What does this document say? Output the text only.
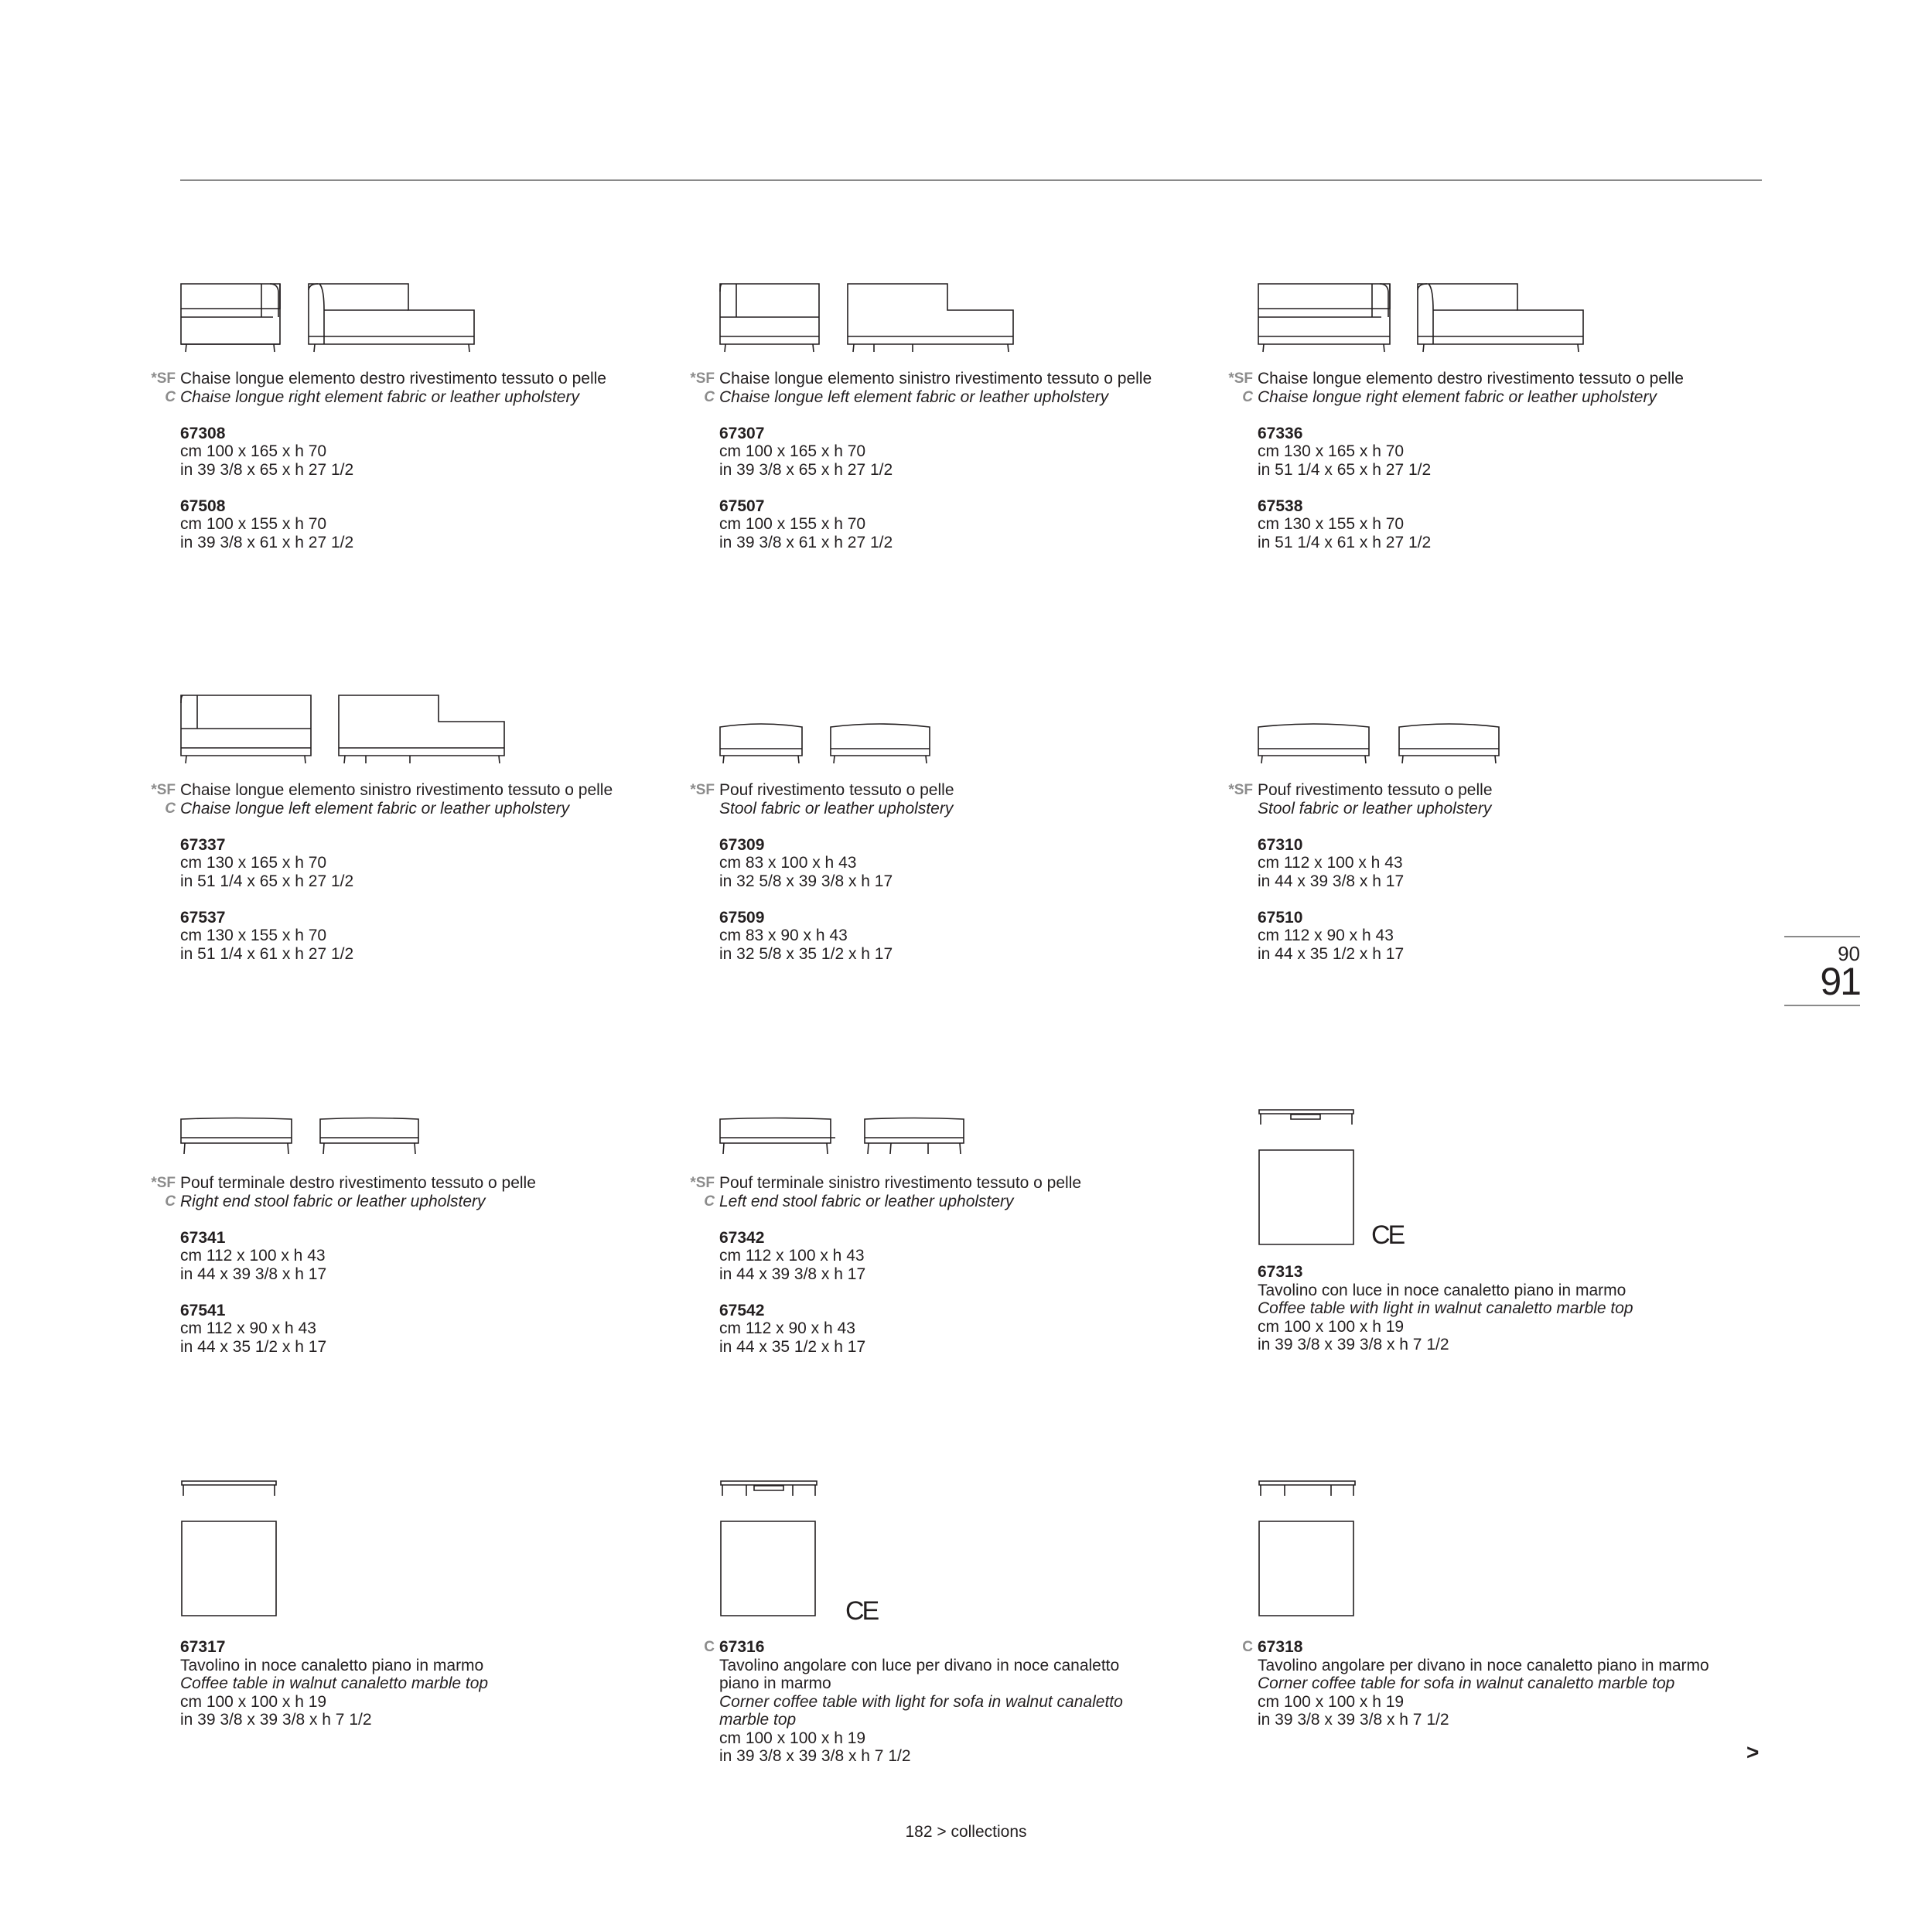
*SF Chaise longue elemento destro rivestimento tessuto o pelle
C Chaise longue right element fabric or leather upholstery
67308
cm 100 x 165 x h 70
in 39 3/8 x 65 x h 27 1/2
67508
cm 100 x 155 x h 70
in 39 3/8 x 61 x h 27 1/2
*SF Chaise longue elemento sinistro rivestimento tessuto o pelle
C Chaise longue left element fabric or leather upholstery
67307
cm 100 x 165 x h 70
in 39 3/8 x 65 x h 27 1/2
67507
cm 100 x 155 x h 70
in 39 3/8 x 61 x h 27 1/2
*SF Chaise longue elemento destro rivestimento tessuto o pelle
C Chaise longue right element fabric or leather upholstery
67336
cm 130 x 165 x h 70
in 51 1/4 x 65 x h 27 1/2
67538
cm 130 x 155 x h 70
in 51 1/4 x 61 x h 27 1/2
*SF Chaise longue elemento sinistro rivestimento tessuto o pelle
C Chaise longue left element fabric or leather upholstery
67337
cm 130 x 165 x h 70
in 51 1/4 x 65 x h 27 1/2
67537
cm 130 x 155 x h 70
in 51 1/4 x 61 x h 27 1/2
*SF Pouf rivestimento tessuto o pelle
Stool fabric or leather upholstery
67309
cm 83 x 100 x h 43
in 32 5/8 x 39 3/8 x h 17
67509
cm 83 x 90 x h 43
in 32 5/8 x 35 1/2 x h 17
*SF Pouf rivestimento tessuto o pelle
Stool fabric or leather upholstery
67310
cm 112 x 100 x h 43
in 44 x 39 3/8 x h 17
67510
cm 112 x 90 x h 43
in 44 x 35 1/2 x h 17
*SF Pouf terminale destro rivestimento tessuto o pelle
C Right end stool fabric or leather upholstery
67341
cm 112 x 100 x h 43
in 44 x 39 3/8 x h 17
67541
cm 112 x 90 x h 43
in 44 x 35 1/2 x h 17
*SF Pouf terminale sinistro rivestimento tessuto o pelle
C Left end stool fabric or leather upholstery
67342
cm 112 x 100 x h 43
in 44 x 39 3/8 x h 17
67542
cm 112 x 90 x h 43
in 44 x 35 1/2 x h 17
CE
67313
Tavolino con luce in noce canaletto piano in marmo
Coffee table with light in walnut canaletto marble top
cm 100 x 100 x h 19
in 39 3/8 x 39 3/8 x h 7 1/2
67317
Tavolino in noce canaletto piano in marmo
Coffee table in walnut canaletto marble top
cm 100 x 100 x h 19
in 39 3/8 x 39 3/8 x h 7 1/2
CE
C 67316
Tavolino angolare con luce per divano in noce canaletto piano in marmo
Corner coffee table with light for sofa in walnut canaletto marble top
cm 100 x 100 x h 19
in 39 3/8 x 39 3/8 x h 7 1/2
C 67318
Tavolino angolare per divano in noce canaletto piano in marmo
Corner coffee table for sofa in walnut canaletto marble top
cm 100 x 100 x h 19
in 39 3/8 x 39 3/8 x h 7 1/2
90
91
>
182 > collections
